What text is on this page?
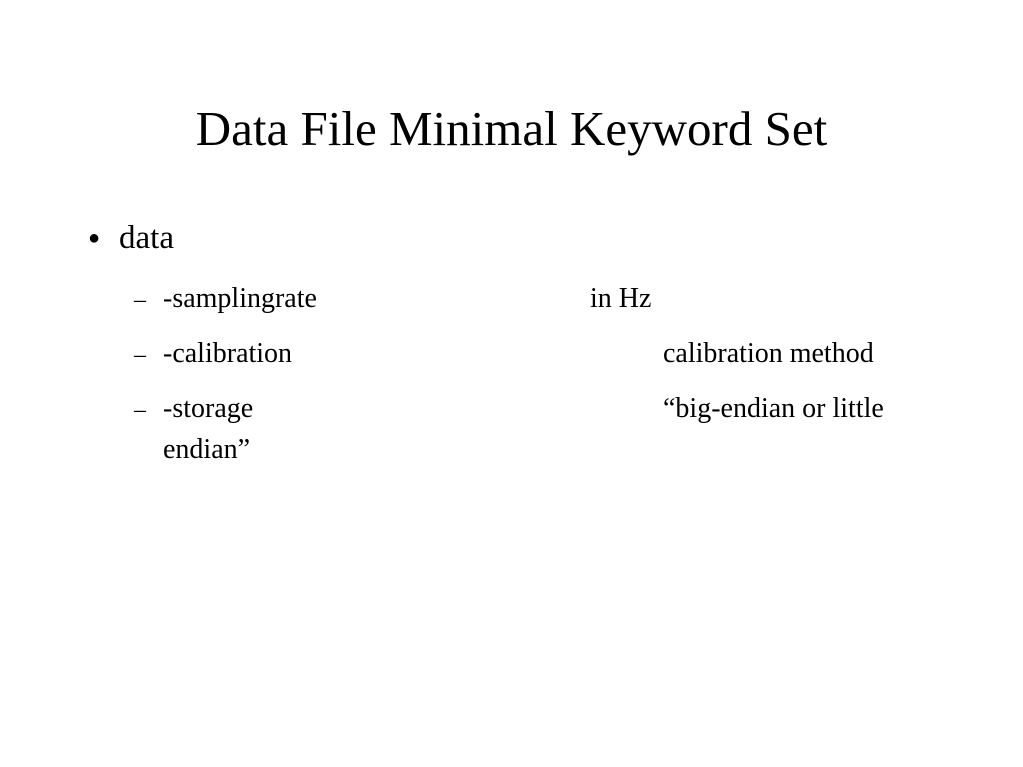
Data File Minimal Keyword Set
● data
– -samplingrate	in Hz
– -calibration	calibration method
– -storage	“big-endian or little
endian”
